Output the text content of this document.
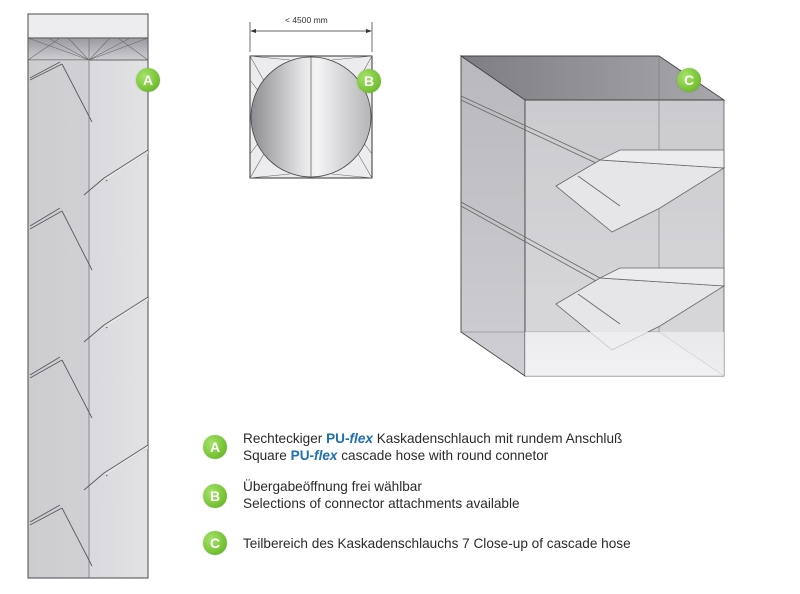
< 4500 mm
A	B	C
A
Rechteckiger PU-flex Kaskadenschlauch mit rundem Anschluß
Square PU-flex cascade hose with round connetor
B
Übergabeöffnung frei wählbar
Selections of connector attachments available
C	Teilbereich des Kaskadenschlauchs 7 Close-up of cascade hose
